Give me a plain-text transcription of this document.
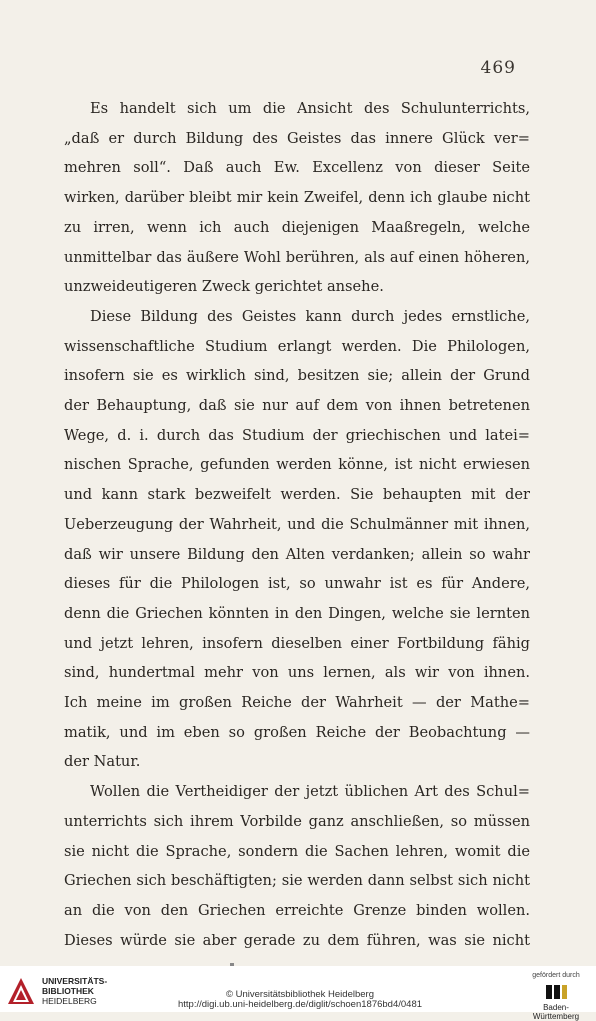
469
Es handelt sich um die Ansicht des Schulunterrichts,
„daß er durch Bildung des Geistes das innere Glück ver=
mehren soll“. Daß auch Ew. Excellenz von dieser Seite
wirken, darüber bleibt mir kein Zweifel, denn ich glaube nicht
zu irren, wenn ich auch diejenigen Maaßregeln, welche
unmittelbar das äußere Wohl berühren, als auf einen höheren,
unzweideutigeren Zweck gerichtet ansehe.
Diese Bildung des Geistes kann durch jedes ernstliche,
wissenschaftliche Studium erlangt werden. Die Philologen,
insofern sie es wirklich sind, besitzen sie; allein der Grund
der Behauptung, daß sie nur auf dem von ihnen betretenen
Wege, d. i. durch das Studium der griechischen und latei=
nischen Sprache, gefunden werden könne, ist nicht erwiesen
und kann stark bezweifelt werden. Sie behaupten mit der
Ueberzeugung der Wahrheit, und die Schulmänner mit ihnen,
daß wir unsere Bildung den Alten verdanken; allein so wahr
dieses für die Philologen ist, so unwahr ist es für Andere,
denn die Griechen könnten in den Dingen, welche sie lernten
und jetzt lehren, insofern dieselben einer Fortbildung fähig
sind, hundertmal mehr von uns lernen, als wir von ihnen.
Ich meine im großen Reiche der Wahrheit — der Mathe=
matik, und im eben so großen Reiche der Beobachtung —
der Natur.
Wollen die Vertheidiger der jetzt üblichen Art des Schul=
unterrichts sich ihrem Vorbilde ganz anschließen, so müssen
sie nicht die Sprache, sondern die Sachen lehren, womit die
Griechen sich beschäftigten; sie werden dann selbst sich nicht
an die von den Griechen erreichte Grenze binden wollen.
Dieses würde sie aber gerade zu dem führen, was sie nicht
UNIVERSITÄTS-
BIBLIOTHEK
HEIDELBERG
© Universitätsbibliothek Heidelberg
http://digi.ub.uni-heidelberg.de/diglit/schoen1876bd4/0481
gefördert durch
Baden-Württemberg
